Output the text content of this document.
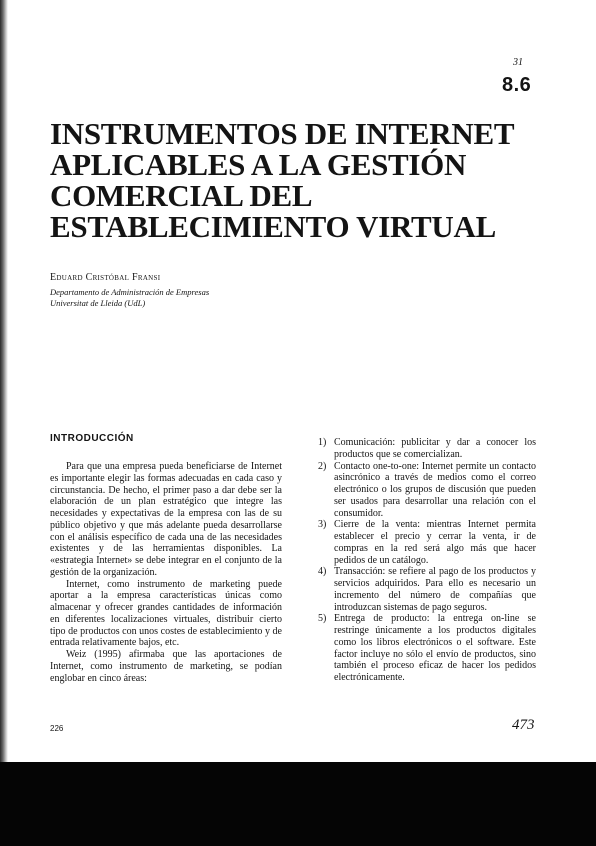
31
8.6
INSTRUMENTOS DE INTERNET
APLICABLES A LA GESTIÓN
COMERCIAL DEL
ESTABLECIMIENTO VIRTUAL
Eduard Cristóbal Fransi
Departamento de Administración de Empresas
Universitat de Lleida (UdL)
INTRODUCCIÓN

Para que una empresa pueda beneficiarse de Internet es importante elegir las formas adecuadas en cada caso y circunstancia. De hecho, el primer paso a dar debe ser la elaboración de un plan estratégico que integre las necesidades y expectativas de la empresa con las de su público objetivo y que más adelante pueda desarrollarse con el análisis específico de cada una de las necesidades existentes y de las herramientas disponibles. La «estrategia Internet» se debe integrar en el conjunto de la gestión de la organización.

Internet, como instrumento de marketing puede aportar a la empresa características únicas como almacenar y ofrecer grandes cantidades de información en diferentes localizaciones virtuales, distribuir cierto tipo de productos con unos costes de establecimiento y de entrada relativamente bajos, etc.

Weiz (1995) afirmaba que las aportaciones de Internet, como instrumento de marketing, se podían englobar en cinco áreas:

1) Comunicación: publicitar y dar a conocer los productos que se comercializan.
2) Contacto one-to-one: Internet permite un contacto asincrónico a través de medios como el correo electrónico o los grupos de discusión que pueden ser usados para desarrollar una relación con el consumidor.
3) Cierre de la venta: mientras Internet permita establecer el precio y cerrar la venta, ir de compras en la red será algo más que hacer pedidos de un catálogo.
4) Transacción: se refiere al pago de los productos y servicios adquiridos. Para ello es necesario un incremento del número de compañías que introduzcan sistemas de pago seguros.
5) Entrega de producto: la entrega on-line se restringe únicamente a los productos digitales como los libros electrónicos o el software. Este factor incluye no sólo el envío de productos, sino también el proceso eficaz de hacer los pedidos electrónicamente.
226	473
